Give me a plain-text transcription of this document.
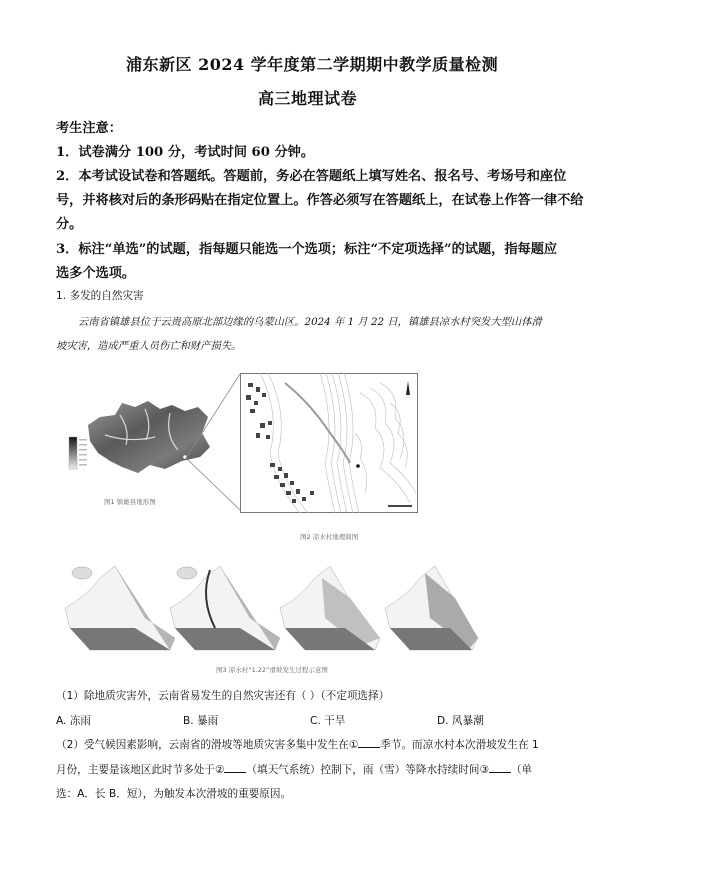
浦东新区 2024 学年度第二学期期中教学质量检测
高三地理试卷
考生注意：
1．试卷满分 100 分，考试时间 60 分钟。
2．本考试设试卷和答题纸。答题前，务必在答题纸上填写姓名、报名号、考场号和座位
号，并将核对后的条形码贴在指定位置上。作答必须写在答题纸上，在试卷上作答一律不给
分。
3．标注“单选”的试题，指每题只能选一个选项；标注“不定项选择”的试题，指每题应
选多个选项。
1. 多发的自然灾害
云南省镇雄县位于云贵高原北部边缘的乌蒙山区。2024 年 1 月 22 日，镇雄县凉水村突发大型山体滑
坡灾害，造成严重人员伤亡和财产损失。
图1 镇雄县地形图
图2 凉水村地理简图
图3 凉水村“1.22”滑坡发生过程示意图
（1）除地质灾害外，云南省易发生的自然灾害还有（ ）（不定项选择）
A. 冻雨	B. 暴雨	C. 干旱	D. 风暴潮
（2）受气候因素影响，云南省的滑坡等地质灾害多集中发生在① 季节。而凉水村本次滑坡发生在 1
月份，主要是该地区此时节多处于② （填天气系统）控制下，雨（雪）等降水持续时间③ （单
选：A．长 B．短），为触发本次滑坡的重要原因。
